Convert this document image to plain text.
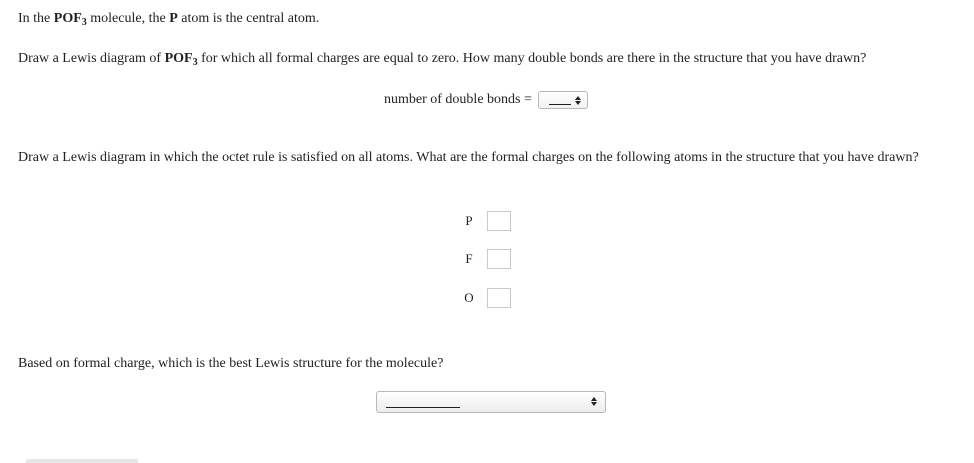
In the $POF_3$ molecule, the P atom is the central atom.
Draw a Lewis diagram of $POF_3$ for which all formal charges are equal to zero. How many double bonds are there in the structure that you have drawn?
number of double bonds =
Draw a Lewis diagram in which the octet rule is satisfied on all atoms. What are the formal charges on the following atoms in the structure that you have drawn?
P
F
O
Based on formal charge, which is the best Lewis structure for the molecule?
